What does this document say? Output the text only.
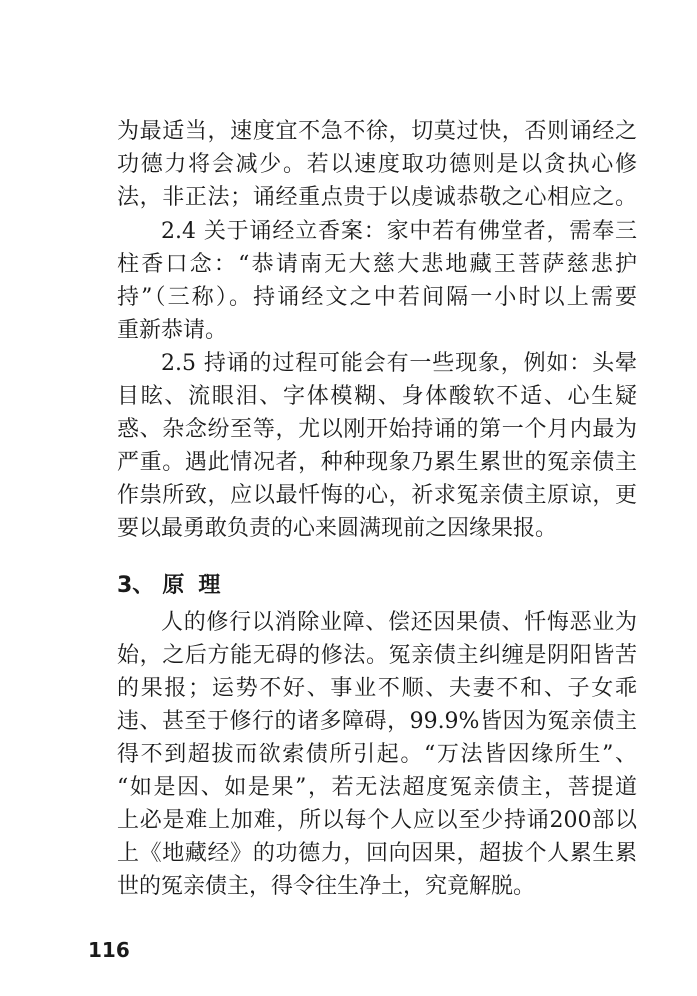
为最适当，速度宜不急不徐，切莫过快，否则诵经之
功德力将会减少。若以速度取功德则是以贪执心修
法，非正法；诵经重点贵于以虔诚恭敬之心相应之。
2.4 关于诵经立香案：家中若有佛堂者，需奉三
柱香口念：“恭请南无大慈大悲地藏王菩萨慈悲护
持”（三称）。持诵经文之中若间隔一小时以上需要
重新恭请。
2.5 持诵的过程可能会有一些现象，例如：头晕
目眩、流眼泪、字体模糊、身体酸软不适、心生疑
惑、杂念纷至等，尤以刚开始持诵的第一个月内最为
严重。遇此情况者，种种现象乃累生累世的冤亲债主
作祟所致，应以最忏悔的心，祈求冤亲债主原谅，更
要以最勇敢负责的心来圆满现前之因缘果报。
3、 原 理
人的修行以消除业障、偿还因果债、忏悔恶业为
始，之后方能无碍的修法。冤亲债主纠缠是阴阳皆苦
的果报；运势不好、事业不顺、夫妻不和、子女乖
违、甚至于修行的诸多障碍，99.9%皆因为冤亲债主
得不到超拔而欲索债所引起。“万法皆因缘所生”、
“如是因、如是果”，若无法超度冤亲债主，菩提道
上必是难上加难，所以每个人应以至少持诵200部以
上《地藏经》的功德力，回向因果，超拔个人累生累
世的冤亲债主，得令往生净土，究竟解脱。
116
